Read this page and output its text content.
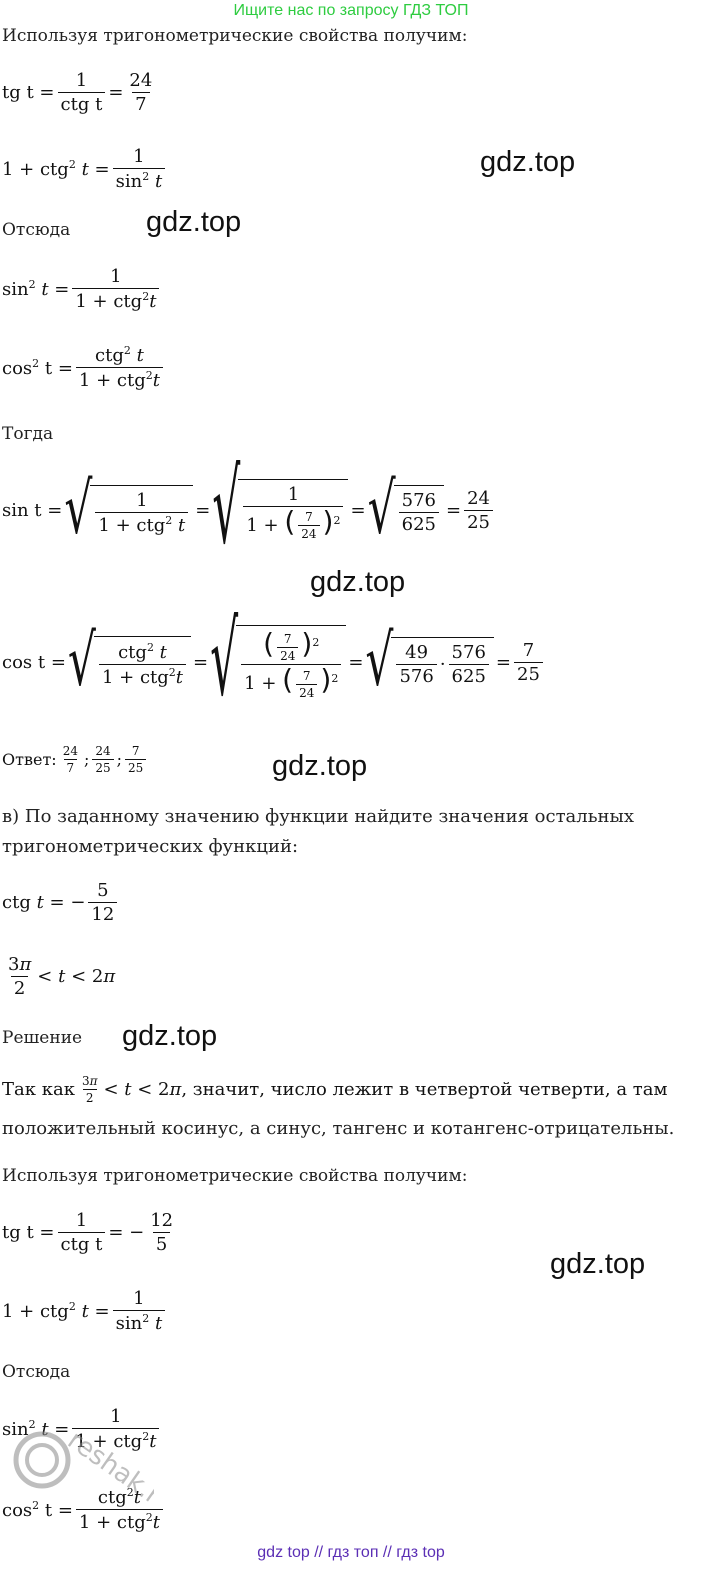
Ищите нас по запросу ГДЗ ТОП
Используя тригонометрические свойства получим:
tg $t = \frac{1}{\text{ctg t}} = \frac{24}{7}$
gdz.top
1 + ctg$^2$ $t = \frac{1}{\sin^2 t}$
Отсюда	gdz.top
$\sin^2 t = \frac{1}{1 + ctg^2t}$
$\cos^2 t = \frac{ctg^2 t}{1 + ctg^2t}$
Тогда
sin t = √ $\frac{1}{1 + ctg^2 t}$ = √ $\frac{1}{1 + ( \frac{7}{24} )^2}$ = √ $\frac{576}{625} = \frac{24}{25}$
gdz.top
cos t = √ $\frac{ctg^2 t}{1 + ctg^2t}$ = √ $\frac{( \frac{7}{24} )^2}{1 + ( \frac{7}{24} )^2}$ = √ $\frac{49}{576} \cdot \frac{576}{625} = \frac{7}{25}$
Ответ: $\frac{24}{7}$ ; $\frac{24}{25}$ ; $\frac{7}{25}$	gdz.top
в) По заданному значению функции найдите значения остальных
тригонометрических функций:
ctg t = − $\frac{5}{12}$
$\frac{3\pi}{2} < t < 2\pi$
Решение gdz.top
Так как $\frac{3\pi}{2} < t < 2\pi$ , значит, число лежит в четвертой четверти, а там
положительный косинус, а синус, тангенс и котангенс-отрицательны.
Используя тригонометрические свойства получим:
tg $t = \frac{1}{\text{ctg t}}$ = − $\frac{12}{5}$
gdz.top
1 + ctg$^2$ $t = \frac{1}{\sin^2 t}$
Отсюда
$\sin^2 t = \frac{1}{1 + ctg^2t}$
$\cos^2 t = \frac{ctg^2t}{1 + ctg^2t}$
reshak.ru
gdz top // гдз топ // гдз top
